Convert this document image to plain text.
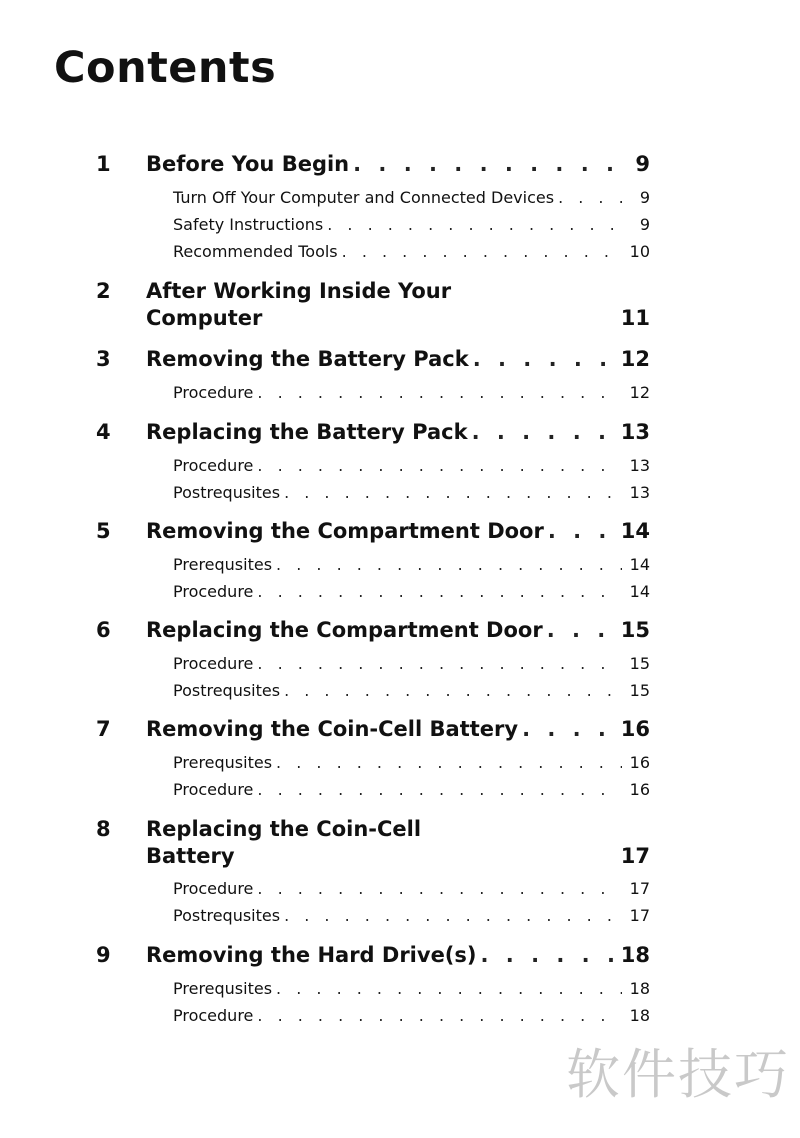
Contents
1 Before You Begin . . .	9
Turn Off Your Computer and Connected Devices . . .	9
Safety Instructions . . .	9
Recommended Tools . . .	10
2 After Working Inside Your
Computer	11
3 Removing the Battery Pack . . .	12
Procedure . . .	12
4 Replacing the Battery Pack . . .	13
Procedure . . .	13
Postrequsites . . .	13
5 Removing the Compartment Door . . .	14
Prerequsites . . .	14
Procedure . . .	14
6 Replacing the Compartment Door . . .	15
Procedure . . .	15
Postrequsites . . .	15
7 Removing the Coin-Cell Battery . . .	16
Prerequsites . . .	16
Procedure . . .	16
8 Replacing the Coin-Cell
Battery	17
Procedure . . .	17
Postrequsites . . .	17
9 Removing the Hard Drive(s) . . .	18
Prerequsites . . .	18
Procedure . . .	18
软件技巧
